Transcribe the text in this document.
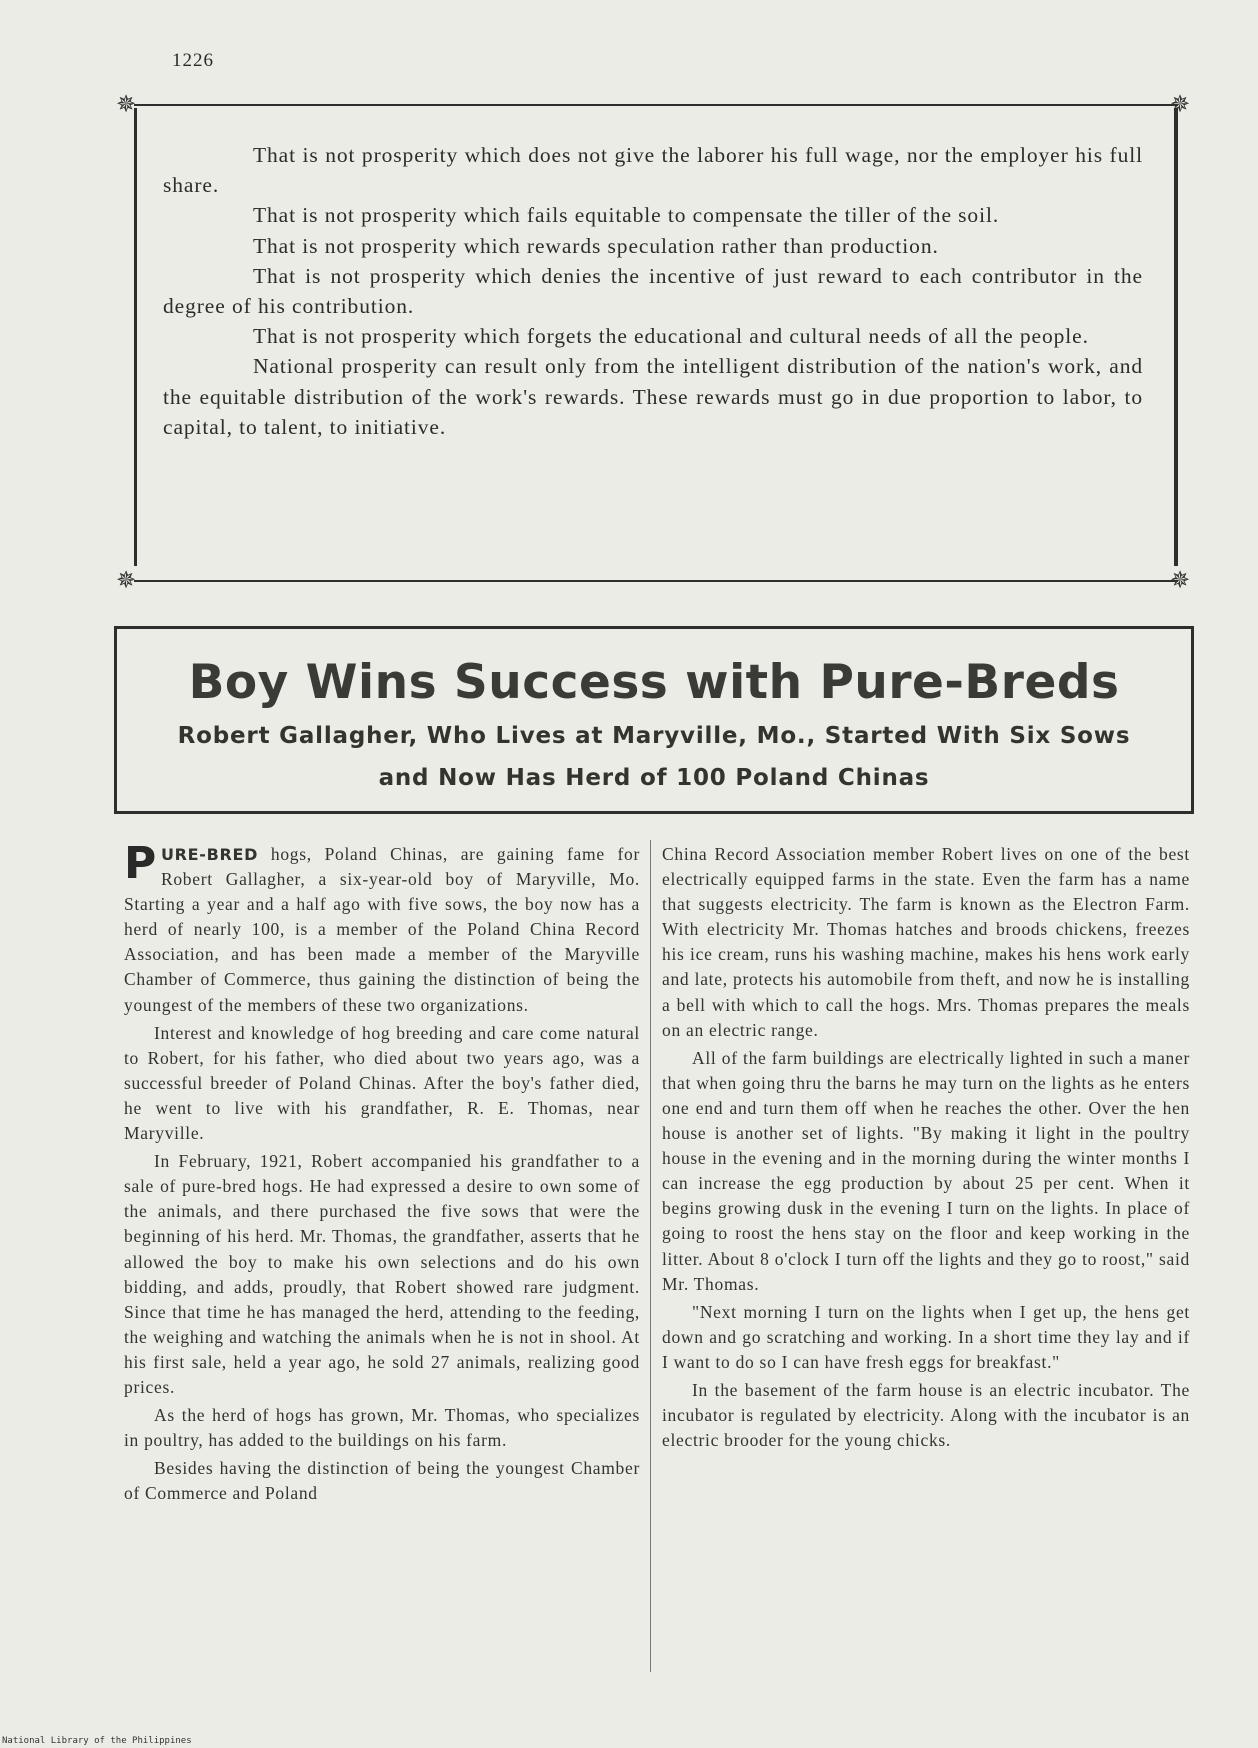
1226
✵	✵

That is not prosperity which does not give the laborer his full wage, nor the employer his full share.

That is not prosperity which fails equitable to compensate the tiller of the soil.

That is not prosperity which rewards speculation rather than production.

That is not prosperity which denies the incentive of just reward to each contributor in the degree of his contribution.

That is not prosperity which forgets the educational and cultural needs of all the people.

National prosperity can result only from the intelligent distribution of the nation's work, and the equitable distribution of the work's rewards. These rewards must go in due proportion to labor, to capital, to talent, to initiative.

✵	✵
Boy Wins Success with Pure-Breds
Robert Gallagher, Who Lives at Maryville, Mo., Started With Six Sows
and Now Has Herd of 100 Poland Chinas

PURE-BRED hogs, Poland Chinas, are gaining fame for Robert Gallagher, a six-year-old boy of Maryville, Mo. Starting a year and a half ago with five sows, the boy now has a herd of nearly 100, is a member of the Poland China Record Association, and has been made a member of the Maryville Chamber of Commerce, thus gaining the distinction of being the youngest of the members of these two organizations.

Interest and knowledge of hog breeding and care come natural to Robert, for his father, who died about two years ago, was a successful breeder of Poland Chinas. After the boy's father died, he went to live with his grandfather, R. E. Thomas, near Maryville.

In February, 1921, Robert accompanied his grandfather to a sale of pure-bred hogs. He had expressed a desire to own some of the animals, and there purchased the five sows that were the beginning of his herd. Mr. Thomas, the grandfather, asserts that he allowed the boy to make his own selections and do his own bidding, and adds, proudly, that Robert showed rare judgment. Since that time he has managed the herd, attending to the feeding, the weighing and watching the animals when he is not in shool. At his first sale, held a year ago, he sold 27 animals, realizing good prices.

As the herd of hogs has grown, Mr. Thomas, who specializes in poultry, has added to the buildings on his farm.

Besides having the distinction of being the youngest Chamber of Commerce and Poland

China Record Association member Robert lives on one of the best electrically equipped farms in the state. Even the farm has a name that suggests electricity. The farm is known as the Electron Farm. With electricity Mr. Thomas hatches and broods chickens, freezes his ice cream, runs his washing machine, makes his hens work early and late, protects his automobile from theft, and now he is installing a bell with which to call the hogs. Mrs. Thomas prepares the meals on an electric range.

All of the farm buildings are electrically lighted in such a maner that when going thru the barns he may turn on the lights as he enters one end and turn them off when he reaches the other. Over the hen house is another set of lights. "By making it light in the poultry house in the evening and in the morning during the winter months I can increase the egg production by about 25 per cent. When it begins growing dusk in the evening I turn on the lights. In place of going to roost the hens stay on the floor and keep working in the litter. About 8 o'clock I turn off the lights and they go to roost," said Mr. Thomas.

"Next morning I turn on the lights when I get up, the hens get down and go scratching and working. In a short time they lay and if I want to do so I can have fresh eggs for breakfast."

In the basement of the farm house is an electric incubator. The incubator is regulated by electricity. Along with the incubator is an electric brooder for the young chicks.

National Library of the Philippines
